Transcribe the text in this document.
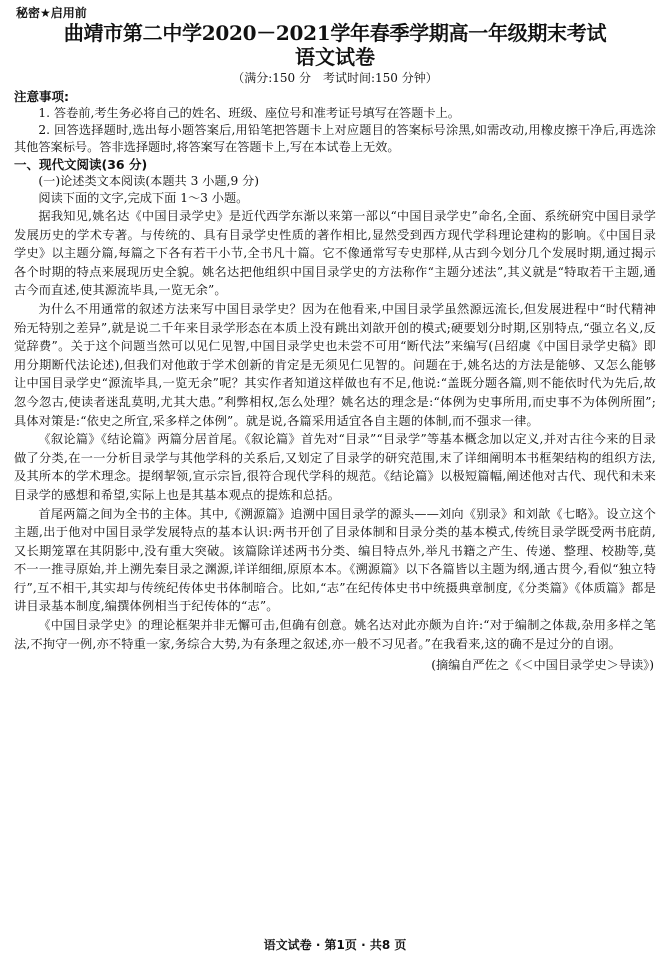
秘密★启用前
曲靖市第二中学2020－2021学年春季学期高一年级期末考试
语文试卷
（满分:150 分　考试时间:150 分钟）
注意事项:

1. 答卷前,考生务必将自己的姓名、班级、座位号和准考证号填写在答题卡上。

2. 回答选择题时,选出每小题答案后,用铅笔把答题卡上对应题目的答案标号涂黑,如需改动,用橡皮擦干净后,再选涂其他答案标号。答非选择题时,将答案写在答题卡上,写在本试卷上无效。

一、现代文阅读(36 分)

(一)论述类文本阅读(本题共 3 小题,9 分)

阅读下面的文字,完成下面 1～3 小题。

据我知见,姚名达《中国目录学史》是近代西学东渐以来第一部以“中国目录学史”命名,全面、系统研究中国目录学发展历史的学术专著。与传统的、具有目录学史性质的著作相比,显然受到西方现代学科理论建构的影响。《中国目录学史》以主题分篇,每篇之下各有若干小节,全书凡十篇。它不像通常写专史那样,从古到今划分几个发展时期,通过揭示各个时期的特点来展现历史全貌。姚名达把他组织中国目录学史的方法称作“主题分述法”,其义就是“特取若干主题,通古今而直述,使其源流毕具,一览无余”。

为什么不用通常的叙述方法来写中国目录学史？因为在他看来,中国目录学虽然源远流长,但发展进程中“时代精神殆无特别之差异”,就是说二千年来目录学形态在本质上没有跳出刘歆开创的模式;硬要划分时期,区别特点,“强立名义,反觉辞费”。关于这个问题当然可以见仁见智,中国目录学史也未尝不可用“断代法”来编写(吕绍虞《中国目录学史稿》即用分期断代法论述),但我们对他敢于学术创新的肯定是无须见仁见智的。问题在于,姚名达的方法是能够、又怎么能够让中国目录学史“源流毕具,一览无余”呢？其实作者知道这样做也有不足,他说:“盖既分题各篇,则不能依时代为先后,故忽今忽古,使读者迷乱莫明,尤其大患。”利弊相权,怎么处理？姚名达的理念是:“体例为史事所用,而史事不为体例所囿”;具体对策是:“依史之所宜,采多样之体例”。就是说,各篇采用适宜各自主题的体制,而不强求一律。

《叙论篇》《结论篇》两篇分居首尾。《叙论篇》首先对“目录”“目录学”等基本概念加以定义,并对古往今来的目录做了分类,在一一分析目录学与其他学科的关系后,又划定了目录学的研究范围,末了详细阐明本书框架结构的组织方法,及其所本的学术理念。提纲挈领,宣示宗旨,很符合现代学科的规范。《结论篇》以极短篇幅,阐述他对古代、现代和未来目录学的感想和希望,实际上也是其基本观点的提炼和总括。

首尾两篇之间为全书的主体。其中,《溯源篇》追溯中国目录学的源头——刘向《别录》和刘歆《七略》。设立这个主题,出于他对中国目录学发展特点的基本认识:两书开创了目录体制和目录分类的基本模式,传统目录学既受两书庇荫,又长期笼罩在其阴影中,没有重大突破。该篇除详述两书分类、编目特点外,举凡书籍之产生、传递、整理、校勘等,莫不一一推寻原始,并上溯先秦目录之渊源,详详细细,原原本本。《溯源篇》以下各篇皆以主题为纲,通古贯今,看似“独立特行”,互不相干,其实却与传统纪传体史书体制暗合。比如,“志”在纪传体史书中统摄典章制度,《分类篇》《体质篇》都是讲目录基本制度,编撰体例相当于纪传体的“志”。

《中国目录学史》的理论框架并非无懈可击,但确有创意。姚名达对此亦颇为自许:“对于编制之体裁,杂用多样之笔法,不拘守一例,亦不特重一家,务综合大势,为有条理之叙述,亦一般不习见者。”在我看来,这的确不是过分的自诩。

(摘编自严佐之《＜中国目录学史＞导读》)

语文试卷 · 第1页 · 共8 页
